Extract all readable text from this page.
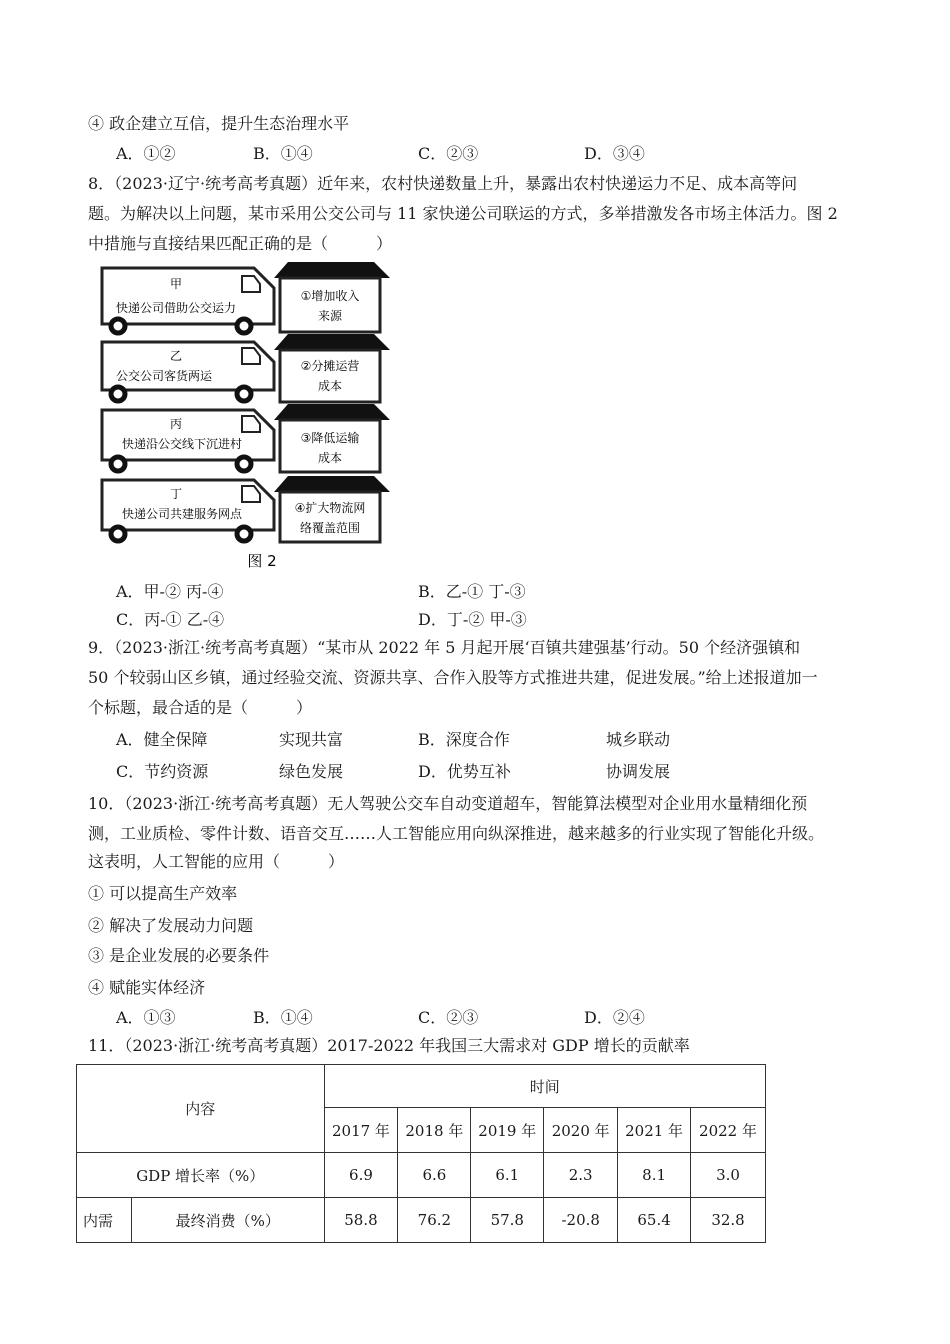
④ 政企建立互信，提升生态治理水平
A．①②	B．①④	C．②③	D．③④
8．（2023·辽宁·统考高考真题）近年来，农村快递数量上升，暴露出农村快递运力不足、成本高等问
题。为解决以上问题，某市采用公交公司与 11 家快递公司联运的方式，多举措激发各市场主体活力。图 2
中措施与直接结果匹配正确的是（　　　）
甲
快递公司借助公交运力
①增加收入
来源
乙
公交公司客货两运
②分摊运营
成本
丙
快递沿公交线下沉进村	③降低运输
成本
丁
快递公司共建服务网点	④扩大物流网
络覆盖范围
图 2
A．甲-② 丙-④	B．乙-① 丁-③
C．丙-① 乙-④	D．丁-② 甲-③
9．（2023·浙江·统考高考真题）“某市从 2022 年 5 月起开展‘百镇共建强基’行动。50 个经济强镇和
50 个较弱山区乡镇，通过经验交流、资源共享、合作入股等方式推进共建，促进发展。”给上述报道加一
个标题，最合适的是（　　　）
A．健全保障	实现共富	B．深度合作	城乡联动
C．节约资源	绿色发展	D．优势互补	协调发展
10．（2023·浙江·统考高考真题）无人驾驶公交车自动变道超车，智能算法模型对企业用水量精细化预
测，工业质检、零件计数、语音交互……人工智能应用向纵深推进，越来越多的行业实现了智能化升级。
这表明，人工智能的应用（　　　）
① 可以提高生产效率
② 解决了发展动力问题
③ 是企业发展的必要条件
④ 赋能实体经济
A．①③	B．①④	C．②③	D．②④
11．（2023·浙江·统考高考真题）2017-2022 年我国三大需求对 GDP 增长的贡献率
内容		时间					
		2017 年	2018 年	2019 年	2020 年	2021 年	2022 年
GDP 增长率（%）		6.9	6.6	6.1	2.3	8.1	3.0
内需	最终消费（%）	58.8	76.2	57.8	-20.8	65.4	32.8
